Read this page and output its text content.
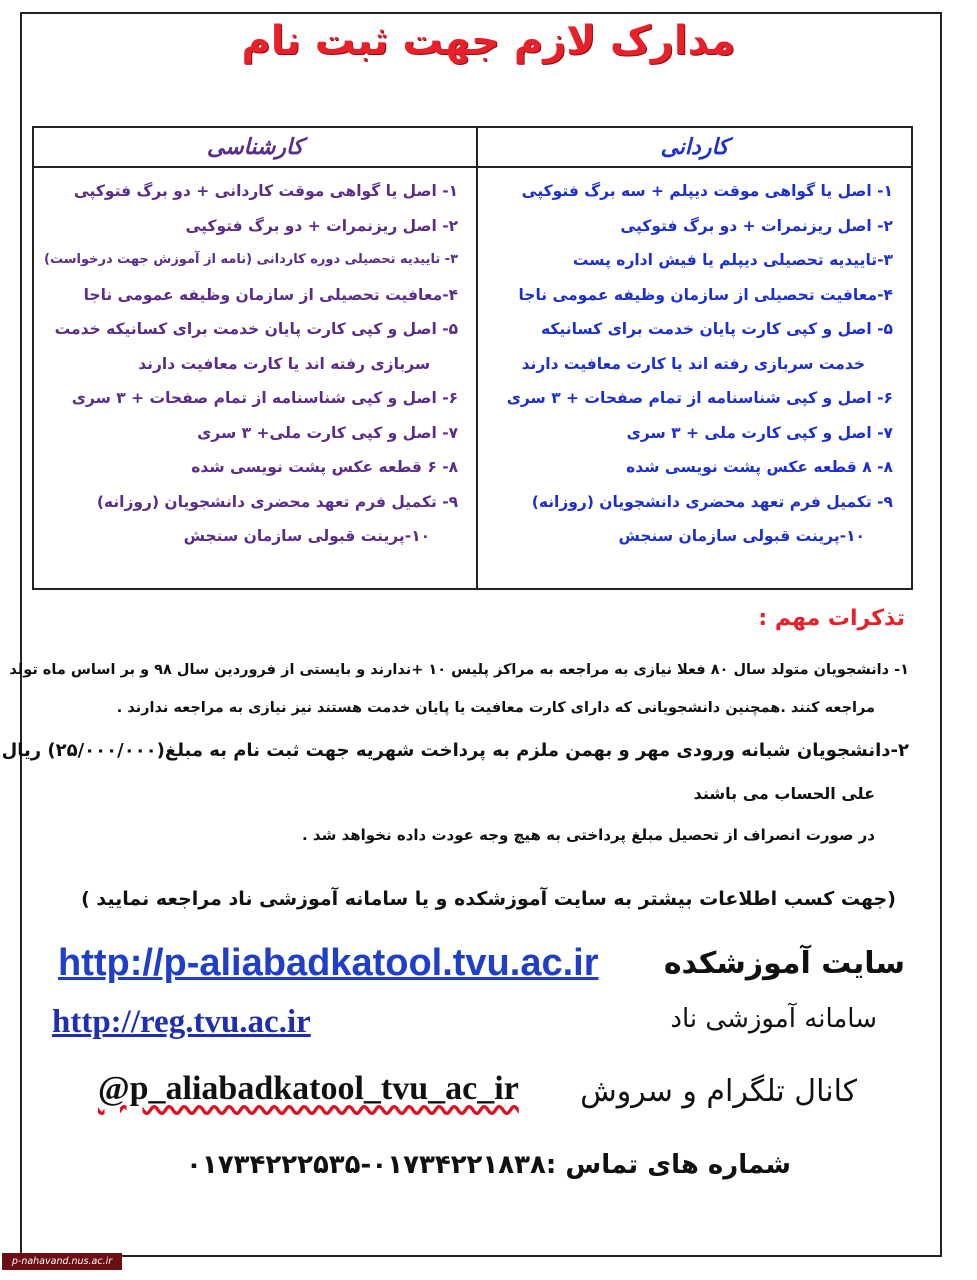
مدارک لازم جهت ثبت نام
کاردانی
۱- اصل یا گواهی موقت دیپلم + سه برگ فتوکپی
۲- اصل ریزنمرات + دو برگ فتوکپی
۳-تاییدیه تحصیلی دیپلم یا فیش اداره پست
۴-معافیت تحصیلی از سازمان وظیفه عمومی ناجا
۵- اصل و کپی کارت پایان خدمت برای کسانیکه
خدمت سربازی رفته اند یا کارت معافیت دارند
۶- اصل و کپی شناسنامه از تمام صفحات + ۳ سری
۷- اصل و کپی کارت ملی + ۳ سری
۸- ۸ قطعه عکس پشت نویسی شده
۹- تکمیل فرم تعهد محضری دانشجویان (روزانه)
۱۰-پرینت قبولی سازمان سنجش
کارشناسی
۱- اصل یا گواهی موقت کاردانی + دو برگ فتوکپی
۲- اصل ریزنمرات + دو برگ فتوکپی
۳- تاییدیه تحصیلی دوره کاردانی (نامه از آموزش جهت درخواست)
۴-معافیت تحصیلی از سازمان وظیفه عمومی ناجا
۵- اصل و کپی کارت پایان خدمت برای کسانیکه خدمت
سربازی رفته اند یا کارت معافیت دارند
۶- اصل و کپی شناسنامه از تمام صفحات + ۳ سری
۷- اصل و کپی کارت ملی+ ۳ سری
۸- ۶ قطعه عکس پشت نویسی شده
۹- تکمیل فرم تعهد محضری دانشجویان (روزانه)
۱۰-پرینت قبولی سازمان سنجش
تذکرات مهم :
۱- دانشجویان متولد سال ۸۰ فعلا نیازی به مراجعه به مراکز پلیس ۱۰ +ندارند و بایستی از فروردین سال ۹۸ و بر اساس ماه تولد
مراجعه کنند .همچنین دانشجویانی که دارای کارت معافیت یا پایان خدمت هستند نیز نیازی به مراجعه ندارند .
۲-دانشجویان شبانه ورودی مهر و بهمن ملزم به پرداخت شهریه جهت ثبت نام به مبلغ(۲۵/۰۰۰/۰۰۰) ریال
علی الحساب می باشند
در صورت انصراف از تحصیل مبلغ پرداختی به هیچ وجه عودت داده نخواهد شد .
(جهت کسب اطلاعات بیشتر به سایت آموزشکده و یا سامانه آموزشی ناد مراجعه نمایید )
سایت آموزشکده
http://p-aliabadkatool.tvu.ac.ir
سامانه آموزشی ناد
http://reg.tvu.ac.ir
کانال تلگرام و سروش
@p_aliabadkatool_tvu_ac_ir
شماره های تماس :۰۱۷۳۴۲۲۱۸۳۸-۰۱۷۳۴۲۲۲۵۳۵
p-nahavand.nus.ac.ir
